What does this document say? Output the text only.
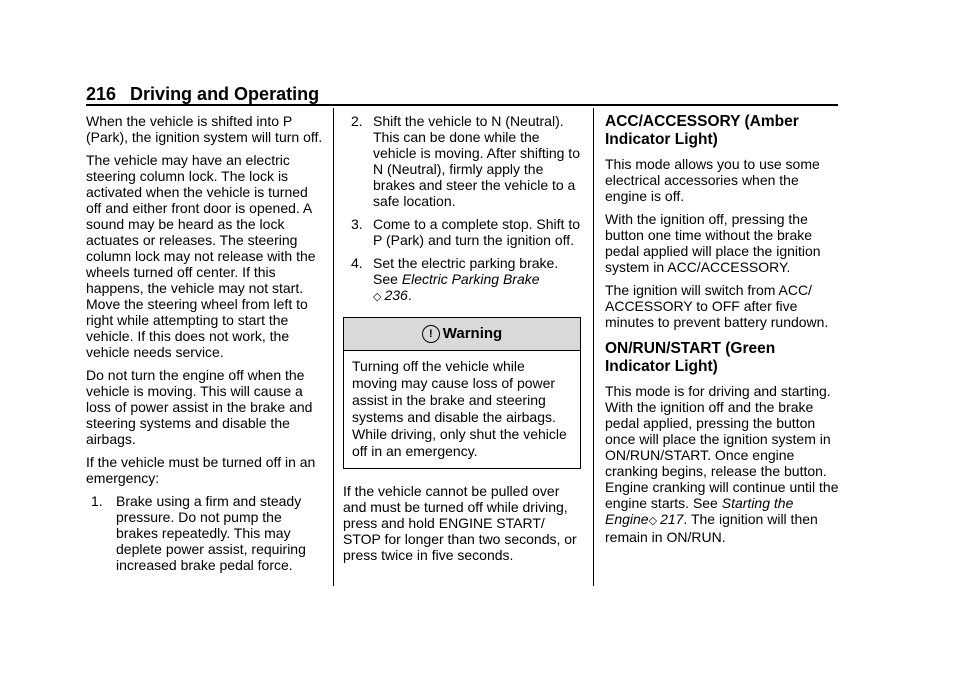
216 Driving and Operating

When the vehicle is shifted into P (Park), the ignition system will turn off.

The vehicle may have an electric steering column lock. The lock is activated when the vehicle is turned off and either front door is opened. A sound may be heard as the lock actuates or releases. The steering column lock may not release with the wheels turned off center. If this happens, the vehicle may not start. Move the steering wheel from left to right while attempting to start the vehicle. If this does not work, the vehicle needs service.

Do not turn the engine off when the vehicle is moving. This will cause a loss of power assist in the brake and steering systems and disable the airbags.

If the vehicle must be turned off in an emergency:

1. Brake using a firm and steady pressure. Do not pump the brakes repeatedly. This may deplete power assist, requiring increased brake pedal force.
2. Shift the vehicle to N (Neutral). This can be done while the vehicle is moving. After shifting to N (Neutral), firmly apply the brakes and steer the vehicle to a safe location.
3. Come to a complete stop. Shift to P (Park) and turn the ignition off.
4. Set the electric parking brake. See Electric Parking Brake
◇ 236.
! Warning
Turning off the vehicle while moving may cause loss of power assist in the brake and steering systems and disable the airbags. While driving, only shut the vehicle off in an emergency.

If the vehicle cannot be pulled over and must be turned off while driving, press and hold ENGINE START/ STOP for longer than two seconds, or press twice in five seconds.

ACC/ACCESSORY (Amber Indicator Light)

This mode allows you to use some electrical accessories when the engine is off.

With the ignition off, pressing the button one time without the brake pedal applied will place the ignition system in ACC/ACCESSORY.

The ignition will switch from ACC/ ACCESSORY to OFF after five minutes to prevent battery rundown.

ON/RUN/START (Green Indicator Light)

This mode is for driving and starting. With the ignition off and the brake pedal applied, pressing the button once will place the ignition system in ON/RUN/START. Once engine cranking begins, release the button. Engine cranking will continue until the engine starts. See Starting the Engine◇ 217. The ignition will then remain in ON/RUN.
